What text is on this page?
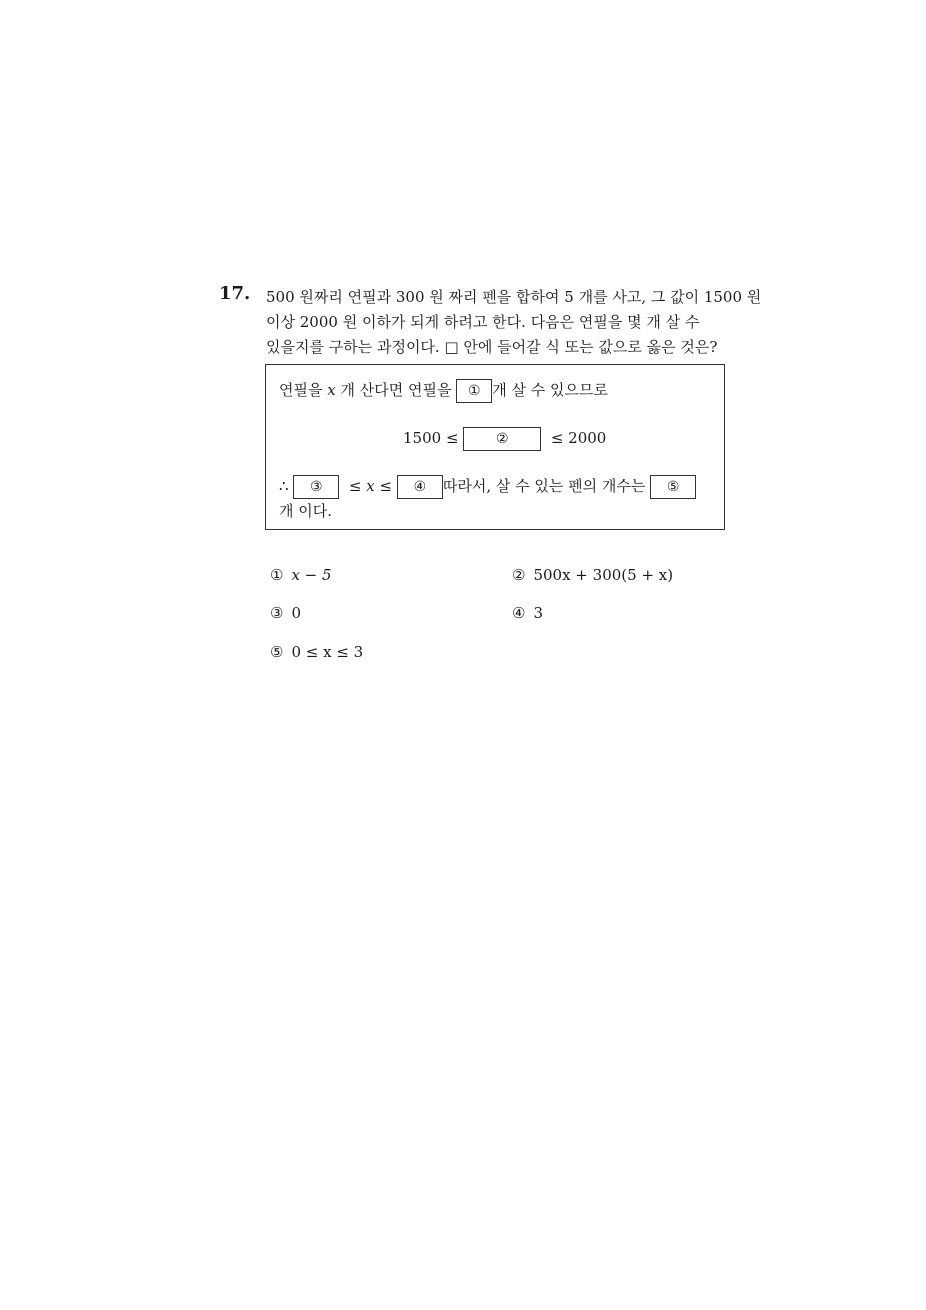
17. 500 원짜리 연필과 300 원 짜리 펜을 합하여 5 개를 사고, 그 값이 1500 원
이상 2000 원 이하가 되게 하려고 한다. 다음은 연필을 몇 개 살 수
있을지를 구하는 과정이다. □ 안에 들어갈 식 또는 값으로 옳은 것은?
연필을 x 개 산다면 연필을 ① 개 살 수 있으므로
1500 ≤	②	≤ 2000
∴ ③ ≤ x ≤ ④ 따라서, 살 수 있는 펜의 개수는 ⑤
개 이다.
① x − 5	② 500x + 300(5 + x)
③ 0	④ 3
⑤ 0 ≤ x ≤ 3
